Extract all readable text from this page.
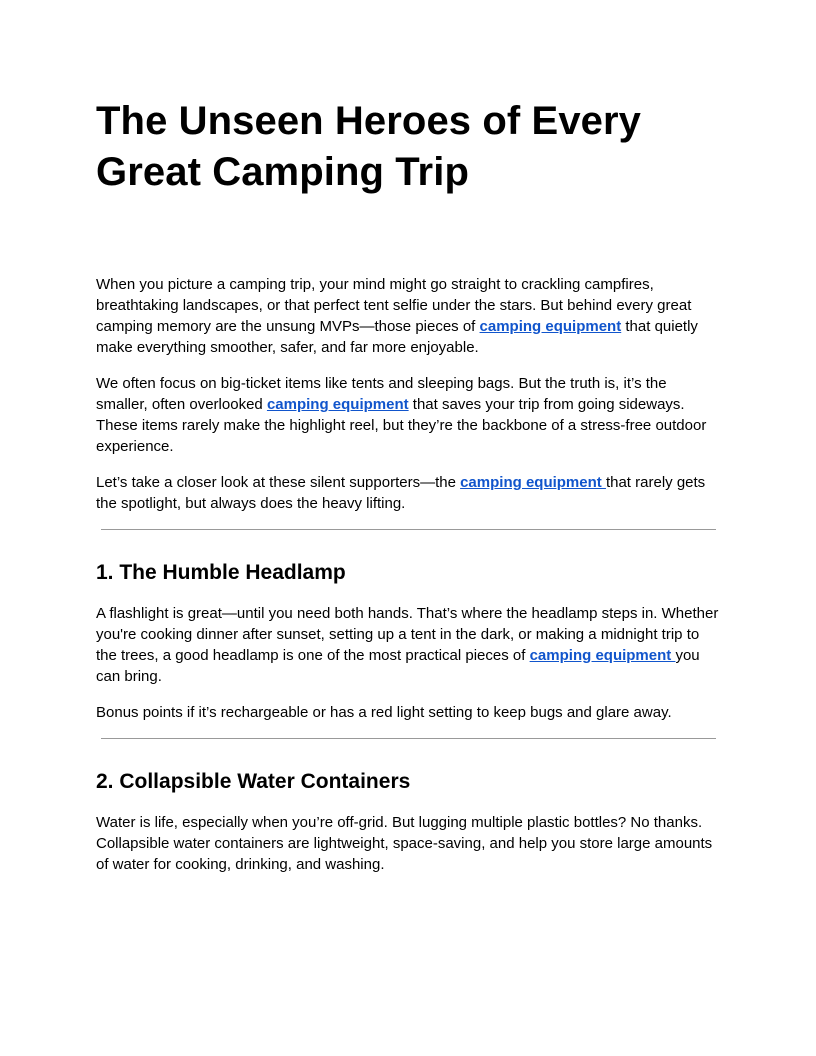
The Unseen Heroes of Every Great Camping Trip

When you picture a camping trip, your mind might go straight to crackling campfires, breathtaking landscapes, or that perfect tent selfie under the stars. But behind every great camping memory are the unsung MVPs—those pieces of camping equipment that quietly make everything smoother, safer, and far more enjoyable.

We often focus on big-ticket items like tents and sleeping bags. But the truth is, it’s the smaller, often overlooked camping equipment that saves your trip from going sideways. These items rarely make the highlight reel, but they’re the backbone of a stress-free outdoor experience.

Let’s take a closer look at these silent supporters—the camping equipment that rarely gets the spotlight, but always does the heavy lifting.

1. The Humble Headlamp

A flashlight is great—until you need both hands. That’s where the headlamp steps in. Whether you're cooking dinner after sunset, setting up a tent in the dark, or making a midnight trip to the trees, a good headlamp is one of the most practical pieces of camping equipment you can bring.

Bonus points if it’s rechargeable or has a red light setting to keep bugs and glare away.

2. Collapsible Water Containers

Water is life, especially when you’re off-grid. But lugging multiple plastic bottles? No thanks. Collapsible water containers are lightweight, space-saving, and help you store large amounts of water for cooking, drinking, and washing.
